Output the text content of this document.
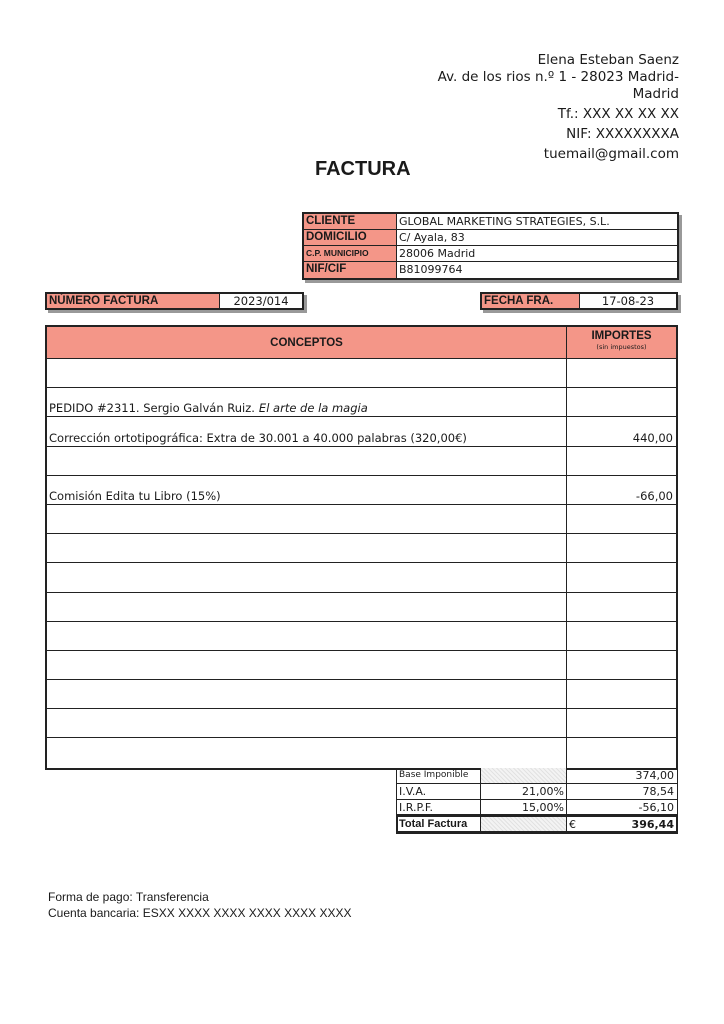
Elena Esteban Saenz
Av. de los rios n.º 1 - 28023 Madrid-
Madrid
Tf.: XXX XX XX XX
NIF: XXXXXXXXA
tuemail@gmail.com
FACTURA
CLIENTE	GLOBAL MARKETING STRATEGIES, S.L.
DOMICILIO	C/ Ayala, 83
C.P. MUNICIPIO	28006 Madrid
NIF/CIF	B81099764
NÚMERO FACTURA	2023/014	FECHA FRA.	17-08-23
CONCEPTOS
IMPORTES
(sin impuestos)
PEDIDO #2311. Sergio Galván Ruiz. El arte de la magia
Corrección ortotipográfica: Extra de 30.001 a 40.000 palabras (320,00€)	440,00
Comisión Edita tu Libro (15%)	-66,00
Base Imponible	374,00
I.V.A.	21,00%	78,54
I.R.P.F.	15,00%	-56,10
Total Factura	€	396,44
Forma de pago: Transferencia
Cuenta bancaria: ESXX XXXX XXXX XXXX XXXX XXXX
